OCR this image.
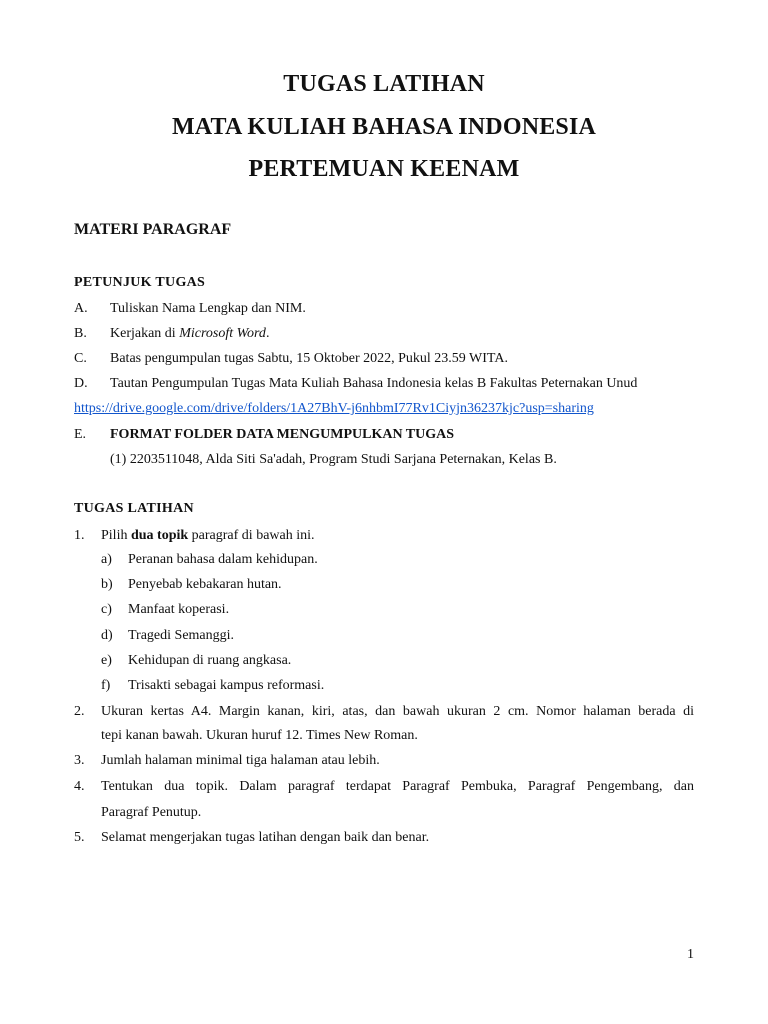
TUGAS LATIHAN
MATA KULIAH BAHASA INDONESIA
PERTEMUAN KEENAM
MATERI PARAGRAF
PETUNJUK TUGAS
A. Tuliskan Nama Lengkap dan NIM.
B. Kerjakan di Microsoft Word.
C. Batas pengumpulan tugas Sabtu, 15 Oktober 2022, Pukul 23.59 WITA.
D. Tautan Pengumpulan Tugas Mata Kuliah Bahasa Indonesia kelas B Fakultas Peternakan Unud
https://drive.google.com/drive/folders/1A27BhV-j6nhbmI77Rv1Ciyjn36237kjc?usp=sharing
E. FORMAT FOLDER DATA MENGUMPULKAN TUGAS
(1) 2203511048, Alda Siti Sa'adah, Program Studi Sarjana Peternakan, Kelas B.
TUGAS LATIHAN
1. Pilih dua topik paragraf di bawah ini.
a) Peranan bahasa dalam kehidupan.
b) Penyebab kebakaran hutan.
c) Manfaat koperasi.
d) Tragedi Semanggi.
e) Kehidupan di ruang angkasa.
f) Trisakti sebagai kampus reformasi.
2. Ukuran kertas A4. Margin kanan, kiri, atas, dan bawah ukuran 2 cm. Nomor halaman berada di
tepi kanan bawah. Ukuran huruf 12. Times New Roman.
3. Jumlah halaman minimal tiga halaman atau lebih.
4. Tentukan dua topik. Dalam paragraf terdapat Paragraf Pembuka, Paragraf Pengembang, dan
Paragraf Penutup.
5. Selamat mengerjakan tugas latihan dengan baik dan benar.
1
